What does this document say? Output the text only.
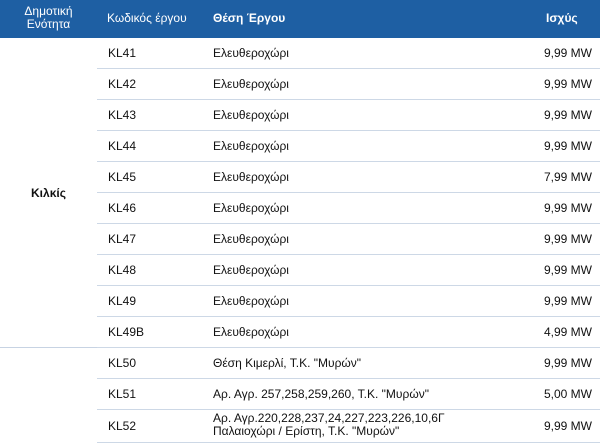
Δημοτική
Ενότητα	Κωδικός έργου	Θέση Έργου	Ισχύς
Κιλκίς	KL41	Ελευθεροχώρι	9,99 MW
	KL42	Ελευθεροχώρι	9,99 MW
	KL43	Ελευθεροχώρι	9,99 MW
	KL44	Ελευθεροχώρι	9,99 MW
	KL45	Ελευθεροχώρι	7,99 MW
	KL46	Ελευθεροχώρι	9,99 MW
	KL47	Ελευθεροχώρι	9,99 MW
	KL48	Ελευθεροχώρι	9,99 MW
	KL49	Ελευθεροχώρι	9,99 MW
	KL49B	Ελευθεροχώρι	4,99 MW
	KL50	Θέση Κιμερλί, Τ.Κ. "Μυρών"	9,99 MW
	KL51	Αρ. Αγρ. 257,258,259,260, Τ.Κ. "Μυρών"	5,00 MW
	KL52	Αρ. Αγρ.220,228,237,24,227,223,226,10,6Γ
Παλαιοχώρι / Ερίστη, Τ.Κ. "Μυρών"	9,99 MW
